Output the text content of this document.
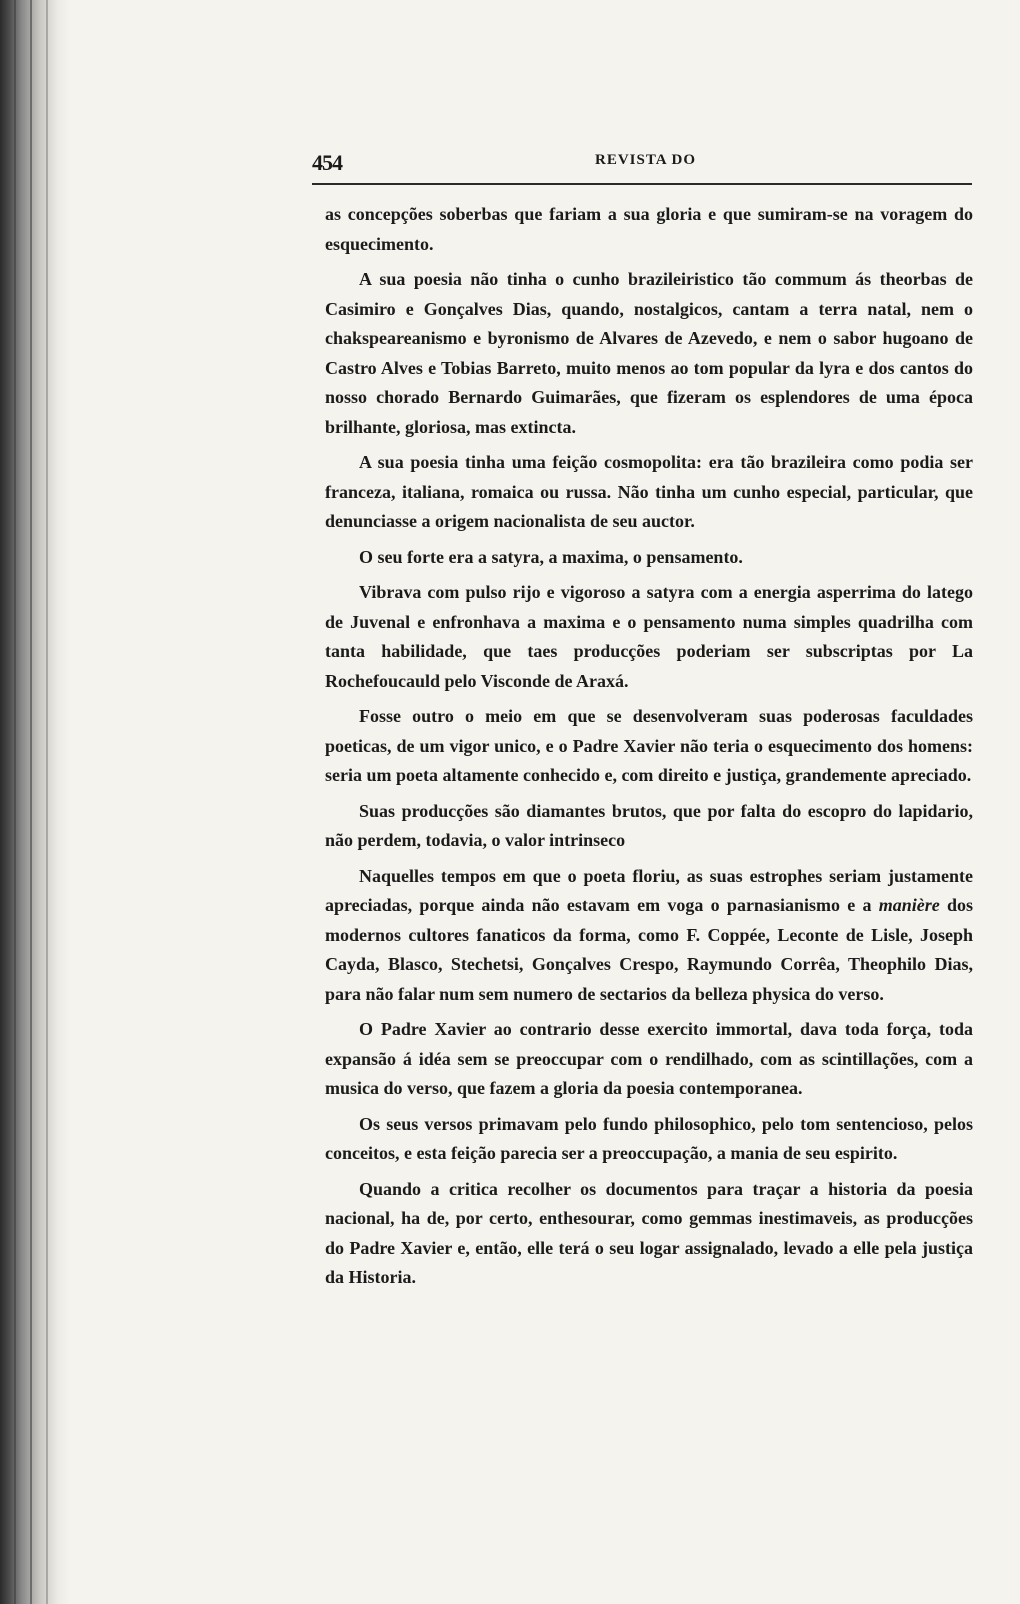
454	REVISTA DO

as concepções soberbas que fariam a sua gloria e que sumiram-se na voragem do esquecimento.

A sua poesia não tinha o cunho brazileiristico tão commum ás theorbas de Casimiro e Gonçalves Dias, quando, nostalgicos, cantam a terra natal, nem o chakspeareanismo e byronismo de Alvares de Azevedo, e nem o sabor hugoano de Castro Alves e Tobias Barreto, muito menos ao tom popular da lyra e dos cantos do nosso chorado Bernardo Guimarães, que fizeram os esplendores de uma época brilhante, gloriosa, mas extincta.

A sua poesia tinha uma feição cosmopolita: era tão brazileira como podia ser franceza, italiana, romaica ou russa. Não tinha um cunho especial, particular, que denunciasse a origem nacionalista de seu auctor.

O seu forte era a satyra, a maxima, o pensamento.

Vibrava com pulso rijo e vigoroso a satyra com a energia asperrima do latego de Juvenal e enfronhava a maxima e o pensamento numa simples quadrilha com tanta habilidade, que taes producções poderiam ser subscriptas por La Rochefoucauld pelo Visconde de Araxá.

Fosse outro o meio em que se desenvolveram suas poderosas faculdades poeticas, de um vigor unico, e o Padre Xavier não teria o esquecimento dos homens: seria um poeta altamente conhecido e, com direito e justiça, grandemente apreciado.

Suas producções são diamantes brutos, que por falta do escopro do lapidario, não perdem, todavia, o valor intrinseco

Naquelles tempos em que o poeta floriu, as suas estrophes seriam justamente apreciadas, porque ainda não estavam em voga o parnasianismo e a manière dos modernos cultores fanaticos da forma, como F. Coppée, Leconte de Lisle, Joseph Cayda, Blasco, Stechetsi, Gonçalves Crespo, Raymundo Corrêa, Theophilo Dias, para não falar num sem numero de sectarios da belleza physica do verso.

O Padre Xavier ao contrario desse exercito immortal, dava toda força, toda expansão á idéa sem se preoccupar com o rendilhado, com as scintillações, com a musica do verso, que fazem a gloria da poesia contemporanea.

Os seus versos primavam pelo fundo philosophico, pelo tom sentencioso, pelos conceitos, e esta feição parecia ser a preoccupação, a mania de seu espirito.

Quando a critica recolher os documentos para traçar a historia da poesia nacional, ha de, por certo, enthesourar, como gemmas inestimaveis, as producções do Padre Xavier e, então, elle terá o seu logar assignalado, levado a elle pela justiça da Historia.
